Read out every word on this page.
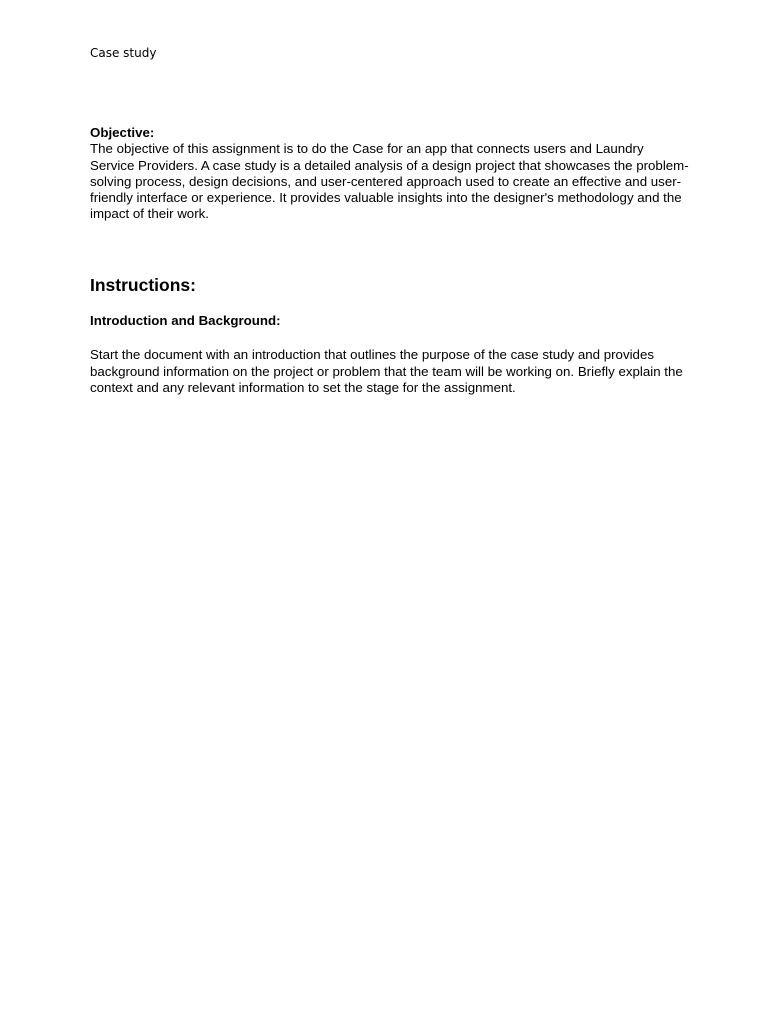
Case study
Objective:
The objective of this assignment is to do the Case for an app that connects users and Laundry Service Providers. A case study is a detailed analysis of a design project that showcases the problem-solving process, design decisions, and user-centered approach used to create an effective and user-friendly interface or experience. It provides valuable insights into the designer's methodology and the impact of their work.
Instructions:
Introduction and Background:
Start the document with an introduction that outlines the purpose of the case study and provides background information on the project or problem that the team will be working on. Briefly explain the context and any relevant information to set the stage for the assignment.
